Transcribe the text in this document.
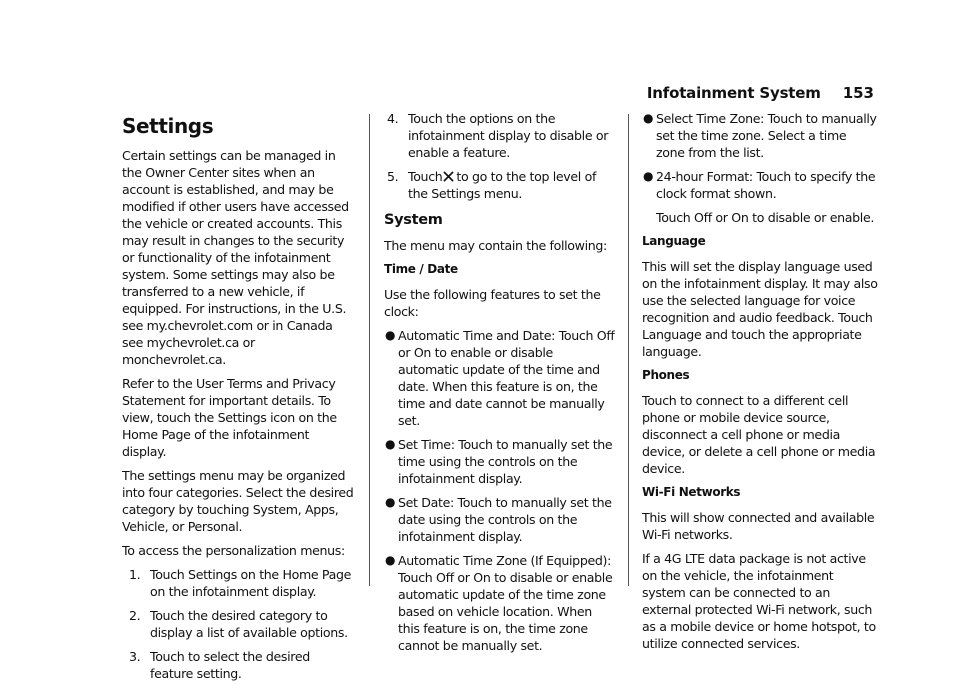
Infotainment System 153
Settings

Certain settings can be managed in the Owner Center sites when an account is established, and may be modified if other users have accessed the vehicle or created accounts. This may result in changes to the security or functionality of the infotainment system. Some settings may also be transferred to a new vehicle, if equipped. For instructions, in the U.S. see my.chevrolet.com or in Canada see mychevrolet.ca or monchevrolet.ca.

Refer to the User Terms and Privacy Statement for important details. To view, touch the Settings icon on the Home Page of the infotainment display.

The settings menu may be organized into four categories. Select the desired category by touching System, Apps, Vehicle, or Personal.

To access the personalization menus:

1. Touch Settings on the Home Page on the infotainment display.
2. Touch the desired category to display a list of available options.
3. Touch to select the desired feature setting.
4. Touch the options on the infotainment display to disable or enable a feature.
5. Touch to go to the top level of the Settings menu.
System

The menu may contain the following:

Time / Date

Use the following features to set the clock:

● Automatic Time and Date: Touch Off or On to enable or disable automatic update of the time and date. When this feature is on, the time and date cannot be manually set.
● Set Time: Touch to manually set the time using the controls on the infotainment display.
● Set Date: Touch to manually set the date using the controls on the infotainment display.
● Automatic Time Zone (If Equipped): Touch Off or On to disable or enable automatic update of the time zone based on vehicle location. When this feature is on, the time zone cannot be manually set.
● Select Time Zone: Touch to manually set the time zone. Select a time zone from the list.
● 24-hour Format: Touch to specify the clock format shown.

Touch Off or On to disable or enable.

Language

This will set the display language used on the infotainment display. It may also use the selected language for voice recognition and audio feedback. Touch Language and touch the appropriate language.

Phones

Touch to connect to a different cell phone or mobile device source, disconnect a cell phone or media device, or delete a cell phone or media device.

Wi-Fi Networks

This will show connected and available Wi-Fi networks.

If a 4G LTE data package is not active on the vehicle, the infotainment system can be connected to an external protected Wi-Fi network, such as a mobile device or home hotspot, to utilize connected services.
